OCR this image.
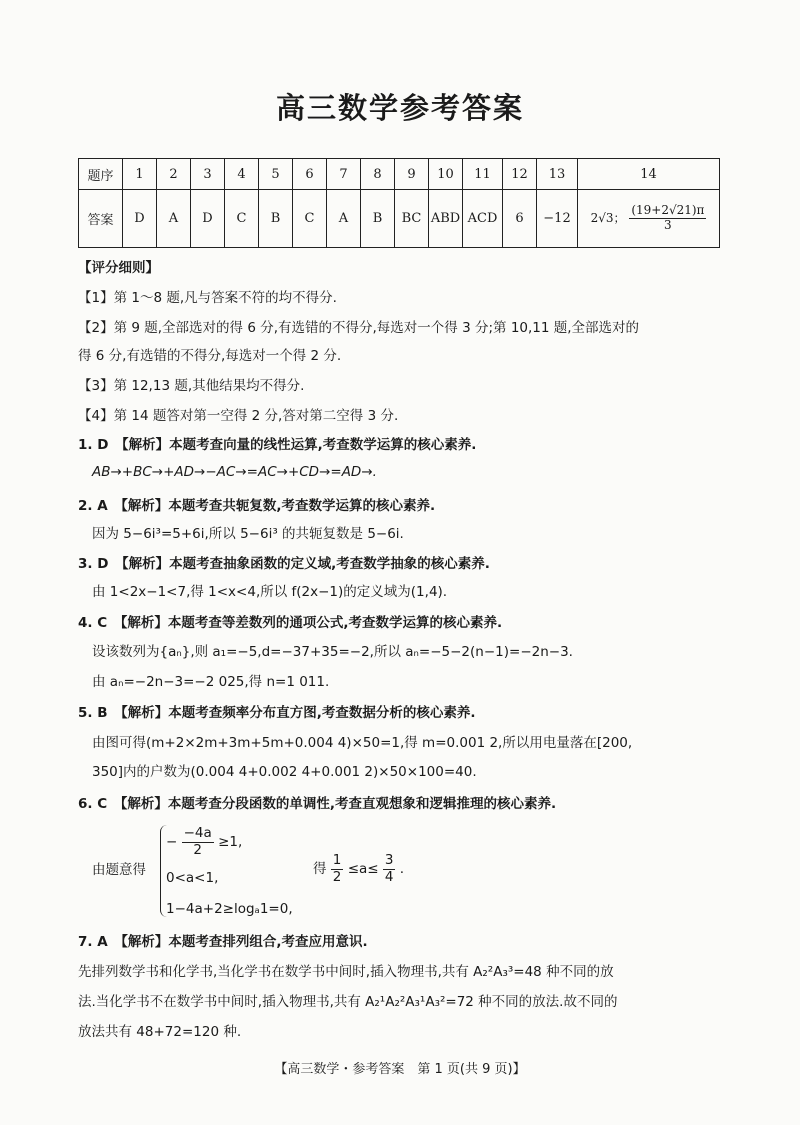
高三数学参考答案
题序	1	2	3	4	5	6	7	8	9	10	11	12	13	14
答案	D	A	D	C	B	C	A	B	BC	ABD	ACD	6	−12	2√3； $\frac{(19+2√21)\pi}{3}$
【评分细则】
【1】第 1～8 题,凡与答案不符的均不得分.
【2】第 9 题,全部选对的得 6 分,有选错的不得分,每选对一个得 3 分;第 10,11 题,全部选对的
得 6 分,有选错的不得分,每选对一个得 2 分.
【3】第 12,13 题,其他结果均不得分.
【4】第 14 题答对第一空得 2 分,答对第二空得 3 分.
1. D　【解析】本题考查向量的线性运算,考查数学运算的核心素养.
AB→+BC→+AD→−AC→=AC→+CD→=AD→.
2. A　【解析】本题考查共轭复数,考查数学运算的核心素养.
因为 5−6i³=5+6i,所以 5−6i³ 的共轭复数是 5−6i.
3. D　【解析】本题考查抽象函数的定义域,考查数学抽象的核心素养.
由 1<2x−1<7,得 1<x<4,所以 f(2x−1)的定义域为(1,4).
4. C　【解析】本题考查等差数列的通项公式,考查数学运算的核心素养.
设该数列为{aₙ},则 a₁=−5,d=−37+35=−2,所以 aₙ=−5−2(n−1)=−2n−3.
由 aₙ=−2n−3=−2 025,得 n=1 011.
5. B　【解析】本题考查频率分布直方图,考查数据分析的核心素养.
由图可得(m+2×2m+3m+5m+0.004 4)×50=1,得 m=0.001 2,所以用电量落在[200,
350]内的户数为(0.004 4+0.002 4+0.001 2)×50×100=40.
6. C　【解析】本题考查分段函数的单调性,考查直观想象和逻辑推理的核心素养.
由题意得
− $\frac{-4a}{2} \ge 1$,
0<a<1,
1−4a+2≥logₐ1=0,
得 $\frac{1}{2} \le a\le \frac{3}{4}$ .
7. A　【解析】本题考查排列组合,考查应用意识.
先排列数学书和化学书,当化学书在数学书中间时,插入物理书,共有 A₂²A₃³=48 种不同的放
法.当化学书不在数学书中间时,插入物理书,共有 A₂¹A₂²A₃¹A₃²=72 种不同的放法.故不同的
放法共有 48+72=120 种.
【高三数学・参考答案　第 1 页(共 9 页)】
